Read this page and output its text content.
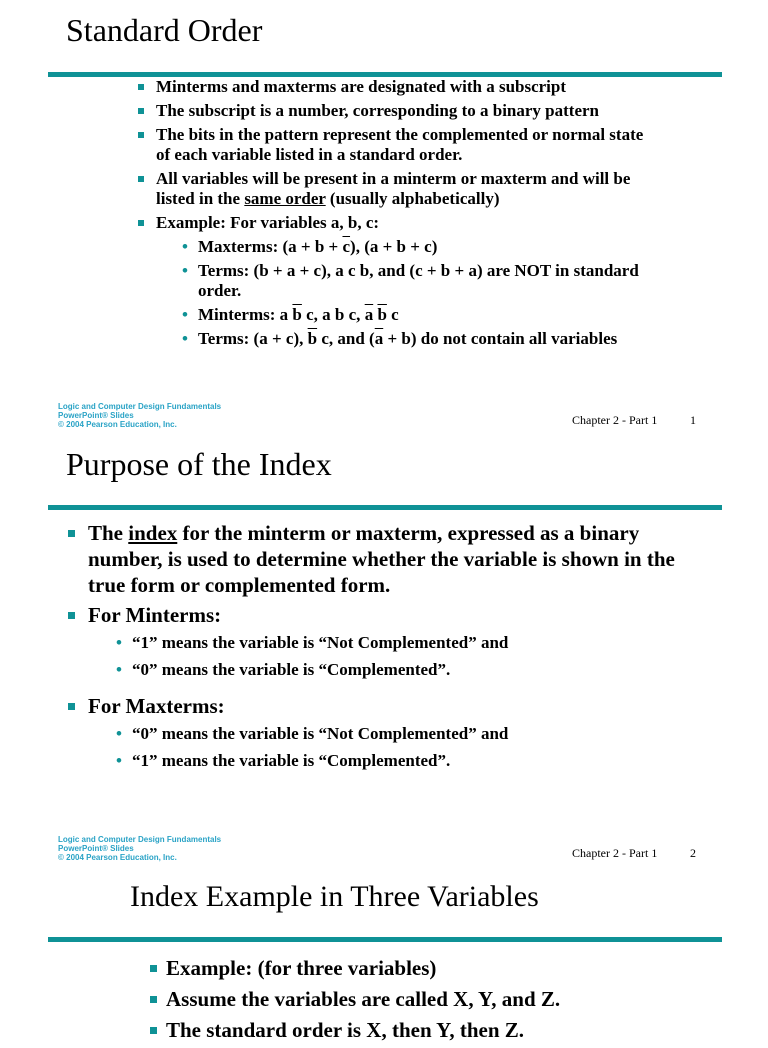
Standard Order
Minterms and maxterms are designated with a subscript
The subscript is a number, corresponding to a binary pattern
The bits in the pattern represent the complemented or normal state of each variable listed in a standard order.
All variables will be present in a minterm or maxterm and will be listed in the same order (usually alphabetically)
Example: For variables a, b, c:
• Maxterms: $(a + b + \overline{c})$, (a + b + c)
• Terms: (b + a + c), a c b, and (c + b + a) are NOT in standard order.
• Minterms: a $\overline{b}$ c, a b c, $\overline{a}$ $\overline{b}$ c
• Terms: (a + c), $\overline{b}$ c, and $(\overline{a} + b)$ do not contain all variables
Logic and Computer Design Fundamentals
PowerPoint® Slides
© 2004 Pearson Education, Inc.	Chapter 2 - Part 1	1
Purpose of the Index
The index for the minterm or maxterm, expressed as a binary number, is used to determine whether the variable is shown in the true form or complemented form.
For Minterms:
• “1” means the variable is “Not Complemented” and
• “0” means the variable is “Complemented”.
For Maxterms:
• “0” means the variable is “Not Complemented” and
• “1” means the variable is “Complemented”.
Logic and Computer Design Fundamentals
PowerPoint® Slides
© 2004 Pearson Education, Inc.	Chapter 2 - Part 1	2
Index Example in Three Variables
Example: (for three variables)
Assume the variables are called X, Y, and Z.
The standard order is X, then Y, then Z.
